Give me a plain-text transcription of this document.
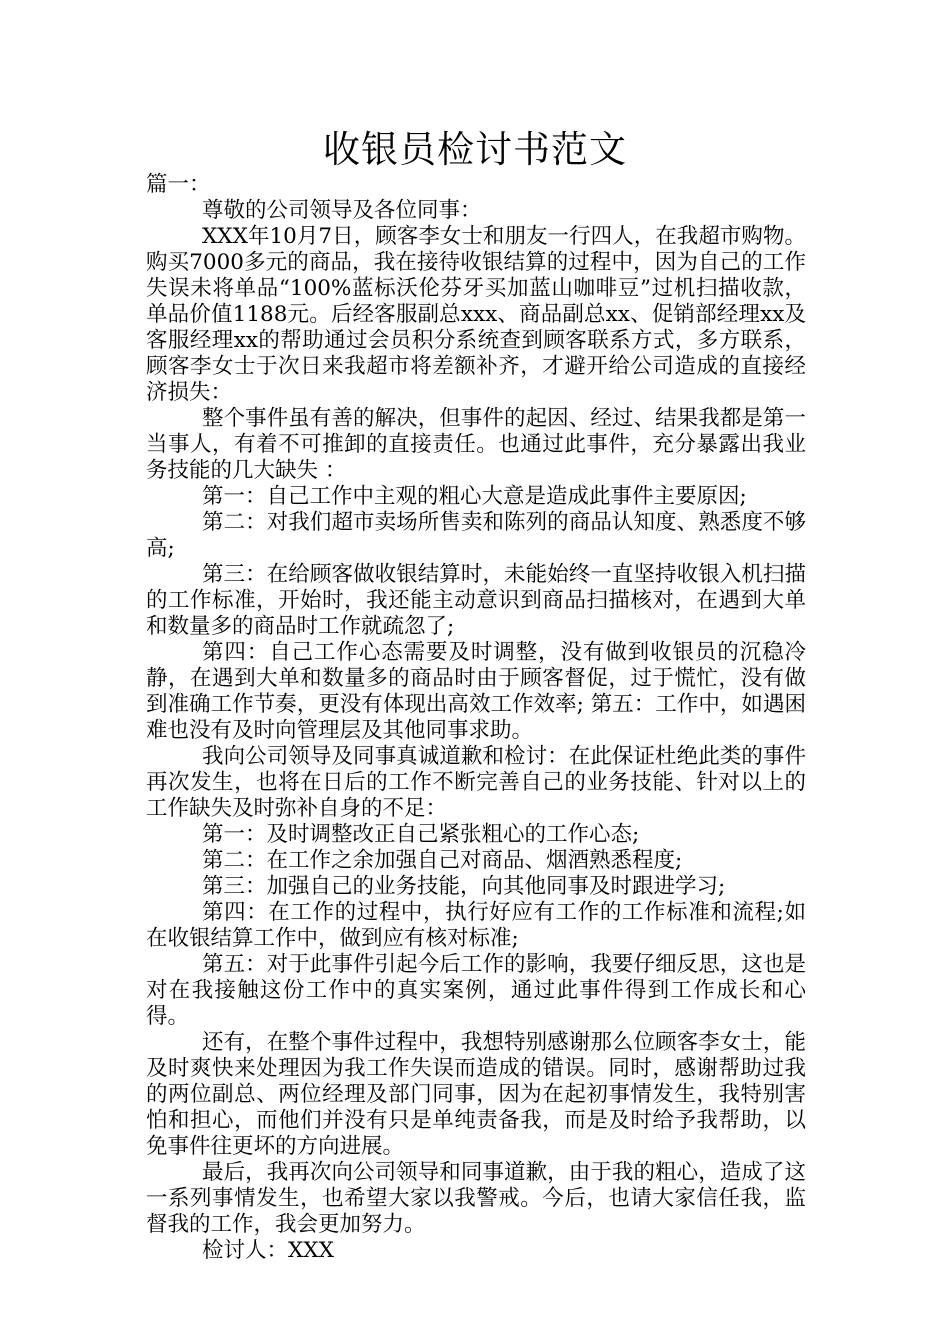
收银员检讨书范文

篇一：

尊敬的公司领导及各位同事：

XXX年10月7日，顾客李女士和朋友一行四人，在我超市购物。购买7000多元的商品，我在接待收银结算的过程中，因为自己的工作失误未将单品“100%蓝标沃伦芬牙买加蓝山咖啡豆”过机扫描收款，单品价值1188元。后经客服副总xxx、商品副总xx、促销部经理xx及客服经理xx的帮助通过会员积分系统查到顾客联系方式，多方联系，顾客李女士于次日来我超市将差额补齐，才避开给公司造成的直接经济损失：

整个事件虽有善的解决，但事件的起因、经过、结果我都是第一当事人，有着不可推卸的直接责任。也通过此事件，充分暴露出我业务技能的几大缺失 ：

第一：自己工作中主观的粗心大意是造成此事件主要原因;

第二：对我们超市卖场所售卖和陈列的商品认知度、熟悉度不够高;

第三：在给顾客做收银结算时，未能始终一直坚持收银入机扫描的工作标准，开始时，我还能主动意识到商品扫描核对，在遇到大单和数量多的商品时工作就疏忽了;

第四：自己工作心态需要及时调整，没有做到收银员的沉稳冷静，在遇到大单和数量多的商品时由于顾客督促，过于慌忙，没有做到准确工作节奏，更没有体现出高效工作效率; 第五：工作中，如遇困难也没有及时向管理层及其他同事求助。

我向公司领导及同事真诚道歉和检讨：在此保证杜绝此类的事件再次发生，也将在日后的工作不断完善自己的业务技能、针对以上的工作缺失及时弥补自身的不足：

第一：及时调整改正自己紧张粗心的工作心态;

第二：在工作之余加强自己对商品、烟酒熟悉程度;

第三：加强自己的业务技能，向其他同事及时跟进学习;

第四：在工作的过程中，执行好应有工作的工作标准和流程;如在收银结算工作中，做到应有核对标准;

第五：对于此事件引起今后工作的影响，我要仔细反思，这也是对在我接触这份工作中的真实案例，通过此事件得到工作成长和心得。

还有，在整个事件过程中，我想特别感谢那么位顾客李女士，能及时爽快来处理因为我工作失误而造成的错误。同时，感谢帮助过我的两位副总、两位经理及部门同事，因为在起初事情发生，我特别害怕和担心，而他们并没有只是单纯责备我，而是及时给予我帮助，以免事件往更坏的方向进展。

最后，我再次向公司领导和同事道歉，由于我的粗心，造成了这一系列事情发生，也希望大家以我警戒。今后，也请大家信任我，监督我的工作，我会更加努力。

检讨人：XXX
